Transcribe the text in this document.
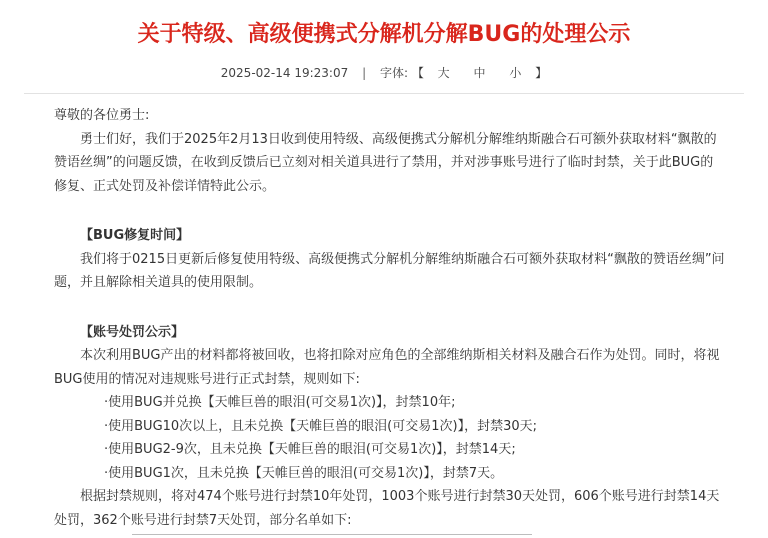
关于特级、高级便携式分解机分解BUG的处理公示
2025-02-14 19:23:07 | 字体: 【 大 中 小 】

尊敬的各位勇士:

勇士们好，我们于2025年2月13日收到使用特级、高级便携式分解机分解维纳斯融合石可额外获取材料“飘散的赞语丝绸”的问题反馈，在收到反馈后已立刻对相关道具进行了禁用，并对涉事账号进行了临时封禁，关于此BUG的修复、正式处罚及补偿详情特此公示。

【BUG修复时间】

我们将于0215日更新后修复使用特级、高级便携式分解机分解维纳斯融合石可额外获取材料“飘散的赞语丝绸”问题，并且解除相关道具的使用限制。

【账号处罚公示】

本次利用BUG产出的材料都将被回收，也将扣除对应角色的全部维纳斯相关材料及融合石作为处罚。同时，将视BUG使用的情况对违规账号进行正式封禁，规则如下:

·使用BUG并兑换【天帷巨兽的眼泪(可交易1次)】，封禁10年;

·使用BUG10次以上，且未兑换【天帷巨兽的眼泪(可交易1次)】，封禁30天;

·使用BUG2-9次，且未兑换【天帷巨兽的眼泪(可交易1次)】，封禁14天;

·使用BUG1次，且未兑换【天帷巨兽的眼泪(可交易1次)】，封禁7天。

根据封禁规则，将对474个账号进行封禁10年处罚，1003个账号进行封禁30天处罚，606个账号进行封禁14天处罚，362个账号进行封禁7天处罚，部分名单如下:
